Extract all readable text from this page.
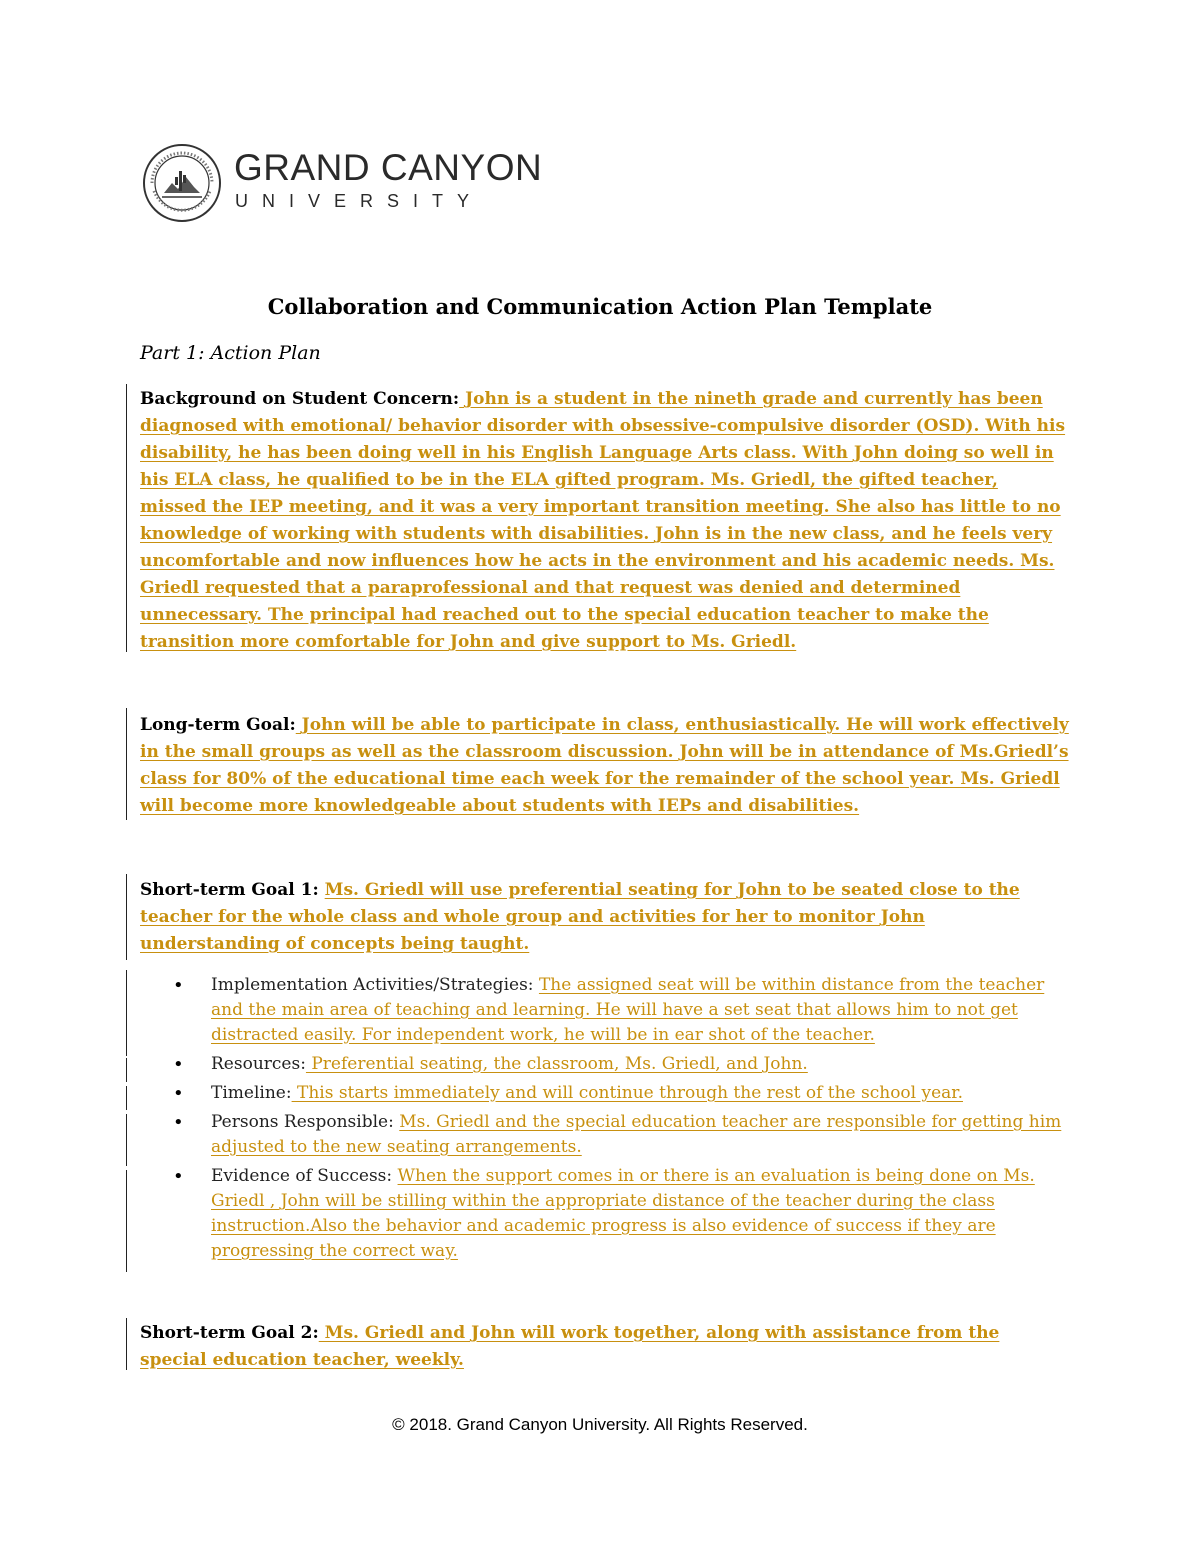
GRAND CANYON
UNIVERSITY
Collaboration and Communication Action Plan Template
Part 1: Action Plan
Background on Student Concern: John is a student in the nineth grade and currently has been diagnosed with emotional/ behavior disorder with obsessive-compulsive disorder (OSD). With his disability, he has been doing well in his English Language Arts class. With John doing so well in his ELA class, he qualified to be in the ELA gifted program. Ms. Griedl, the gifted teacher, missed the IEP meeting, and it was a very important transition meeting. She also has little to no knowledge of working with students with disabilities. John is in the new class, and he feels very uncomfortable and now influences how he acts in the environment and his academic needs. Ms. Griedl requested that a paraprofessional and that request was denied and determined unnecessary. The principal had reached out to the special education teacher to make the transition more comfortable for John and give support to Ms. Griedl.
Long-term Goal: John will be able to participate in class, enthusiastically. He will work effectively in the small groups as well as the classroom discussion. John will be in attendance of Ms.Griedl’s class for 80% of the educational time each week for the remainder of the school year. Ms. Griedl will become more knowledgeable about students with IEPs and disabilities.
Short-term Goal 1: Ms. Griedl will use preferential seating for John to be seated close to the teacher for the whole class and whole group and activities for her to monitor John understanding of concepts being taught.
• Implementation Activities/Strategies: The assigned seat will be within distance from the teacher and the main area of teaching and learning. He will have a set seat that allows him to not get distracted easily. For independent work, he will be in ear shot of the teacher.
• Resources: Preferential seating, the classroom, Ms. Griedl, and John.
• Timeline: This starts immediately and will continue through the rest of the school year.
• Persons Responsible: Ms. Griedl and the special education teacher are responsible for getting him adjusted to the new seating arrangements.
• Evidence of Success: When the support comes in or there is an evaluation is being done on Ms. Griedl , John will be stilling within the appropriate distance of the teacher during the class instruction.Also the behavior and academic progress is also evidence of success if they are progressing the correct way.
Short-term Goal 2: Ms. Griedl and John will work together, along with assistance from the special education teacher, weekly.
© 2018. Grand Canyon University. All Rights Reserved.
